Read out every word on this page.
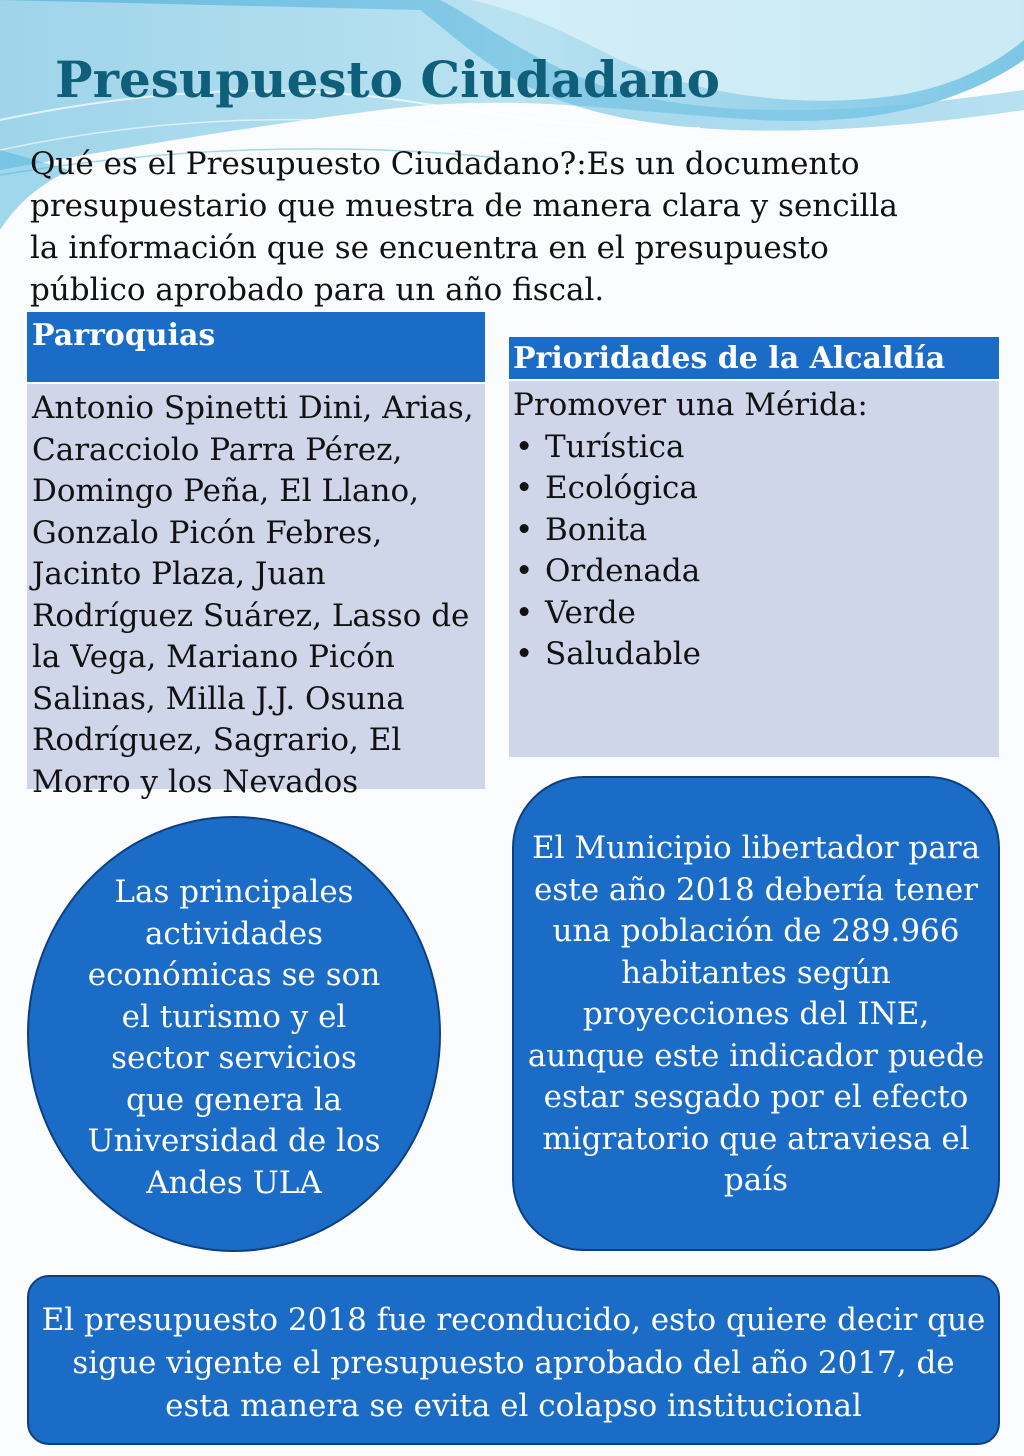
Presupuesto Ciudadano

Qué es el Presupuesto Ciudadano?:Es un documento presupuestario que muestra de manera clara y sencilla la información que se encuentra en el presupuesto público aprobado para un año fiscal.

Parroquias
Antonio Spinetti Dini, Arias, Caracciolo Parra Pérez, Domingo Peña, El Llano, Gonzalo Picón Febres, Jacinto Plaza, Juan Rodríguez Suárez, Lasso de la Vega, Mariano Picón Salinas, Milla J.J. Osuna Rodríguez, Sagrario, El Morro y los Nevados
Prioridades de la Alcaldía
Promover una Mérida:
• Turística
• Ecológica
• Bonita
• Ordenada
• Verde
• Saludable

Las principales actividades económicas se son el turismo y el sector servicios que genera la Universidad de los Andes ULA

El Municipio libertador para este año 2018 debería tener una población de 289.966 habitantes según proyecciones del INE, aunque este indicador puede estar sesgado por el efecto migratorio que atraviesa el país

El presupuesto 2018 fue reconducido, esto quiere decir que sigue vigente el presupuesto aprobado del año 2017, de esta manera se evita el colapso institucional
